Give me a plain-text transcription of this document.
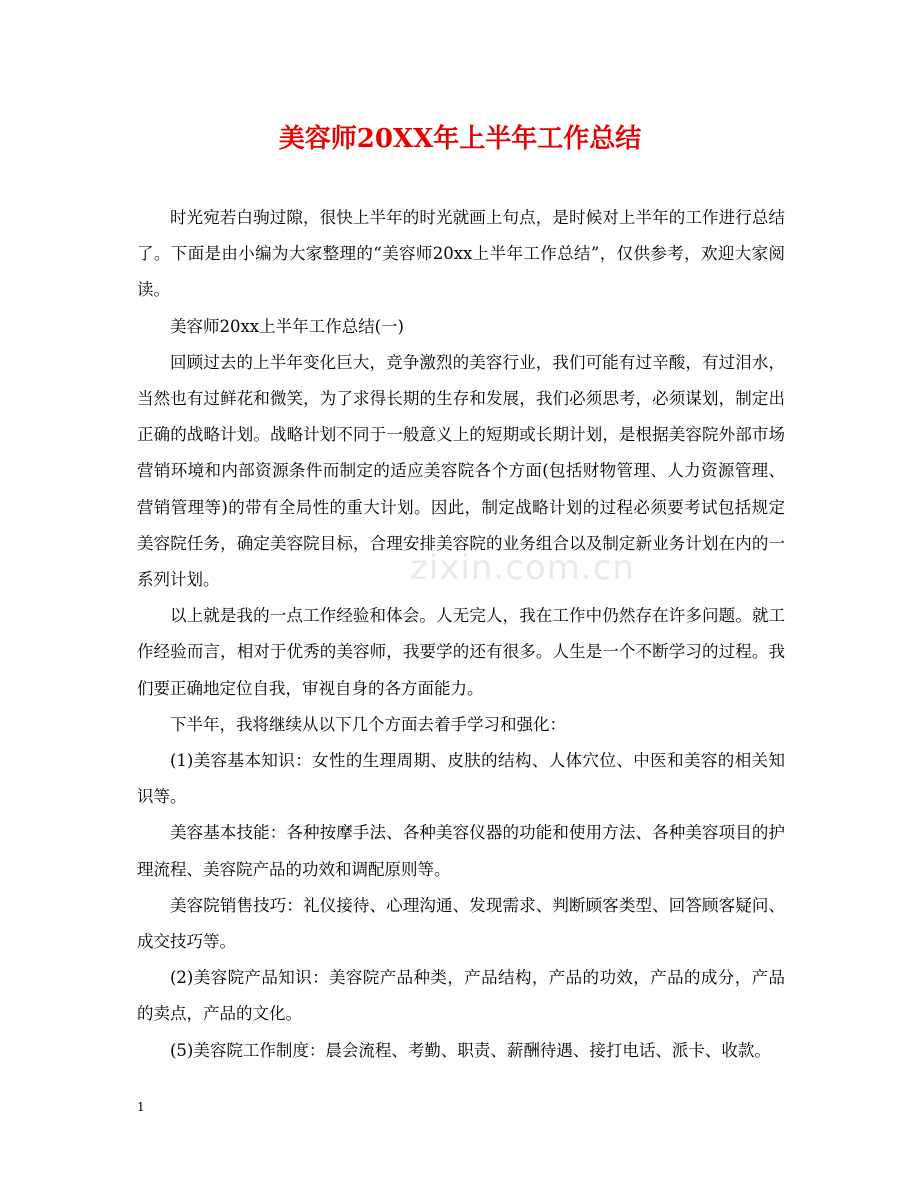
美容师20XX年上半年工作总结

时光宛若白驹过隙，很快上半年的时光就画上句点，是时候对上半年的工作进行总结了。下面是由小编为大家整理的“美容师20xx上半年工作总结”，仅供参考，欢迎大家阅读。

美容师20xx上半年工作总结(一)

回顾过去的上半年变化巨大，竞争激烈的美容行业，我们可能有过辛酸，有过泪水，当然也有过鲜花和微笑，为了求得长期的生存和发展，我们必须思考，必须谋划，制定出正确的战略计划。战略计划不同于一般意义上的短期或长期计划，是根据美容院外部市场营销环境和内部资源条件而制定的适应美容院各个方面(包括财物管理、人力资源管理、营销管理等)的带有全局性的重大计划。因此，制定战略计划的过程必须要考试包括规定美容院任务，确定美容院目标，合理安排美容院的业务组合以及制定新业务计划在内的一系列计划。

以上就是我的一点工作经验和体会。人无完人，我在工作中仍然存在许多问题。就工作经验而言，相对于优秀的美容师，我要学的还有很多。人生是一个不断学习的过程。我们要正确地定位自我，审视自身的各方面能力。

下半年，我将继续从以下几个方面去着手学习和强化：

(1)美容基本知识：女性的生理周期、皮肤的结构、人体穴位、中医和美容的相关知识等。

美容基本技能：各种按摩手法、各种美容仪器的功能和使用方法、各种美容项目的护理流程、美容院产品的功效和调配原则等。

美容院销售技巧：礼仪接待、心理沟通、发现需求、判断顾客类型、回答顾客疑问、成交技巧等。

(2)美容院产品知识：美容院产品种类，产品结构，产品的功效，产品的成分，产品的卖点，产品的文化。

(5)美容院工作制度：晨会流程、考勤、职责、薪酬待遇、接打电话、派卡、收款。

zixin.com.cn
1
